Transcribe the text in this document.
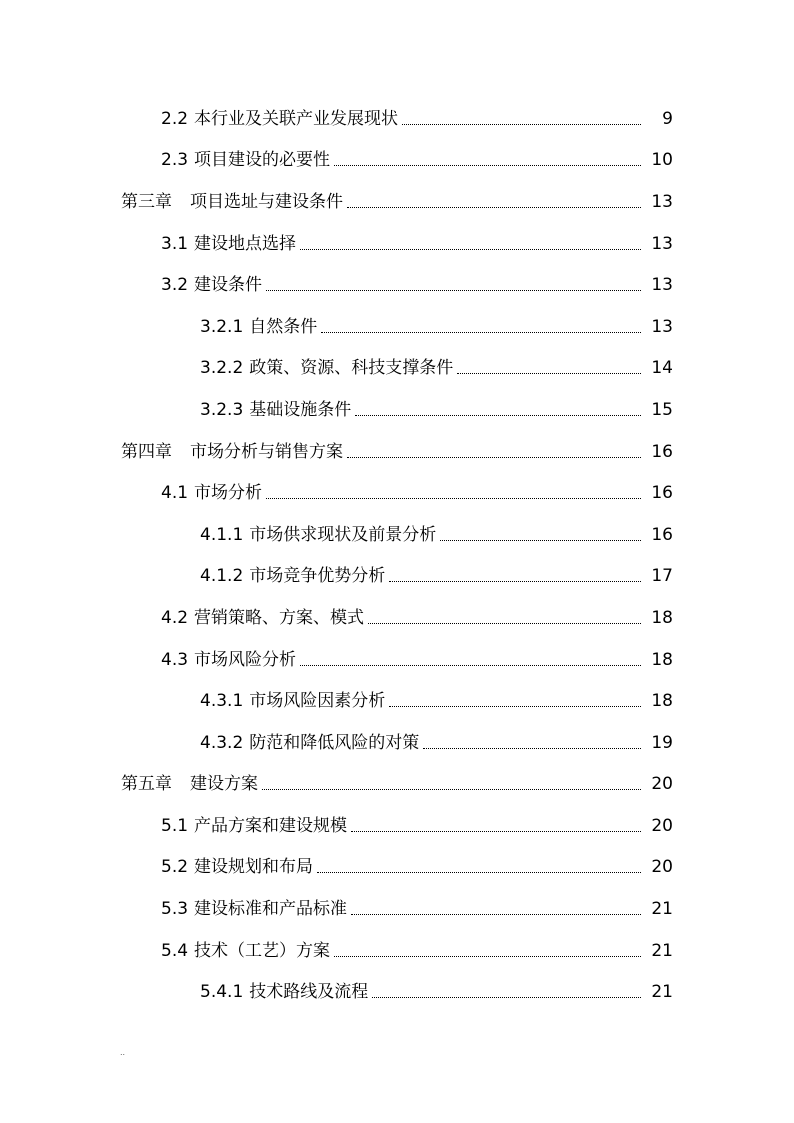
2.2 本行业及关联产业发展现状	9
2.3 项目建设的必要性	10
第三章 项目选址与建设条件	13
3.1 建设地点选择	13
3.2 建设条件	13
3.2.1 自然条件	13
3.2.2 政策、资源、科技支撑条件	14
3.2.3 基础设施条件	15
第四章 市场分析与销售方案	16
4.1 市场分析	16
4.1.1 市场供求现状及前景分析	16
4.1.2 市场竞争优势分析	17
4.2 营销策略、方案、模式	18
4.3 市场风险分析	18
4.3.1 市场风险因素分析	18
4.3.2 防范和降低风险的对策	19
第五章 建设方案	20
5.1 产品方案和建设规模	20
5.2 建设规划和布局	20
5.3 建设标准和产品标准	21
5.4 技术（工艺）方案	21
5.4.1 技术路线及流程	21
..
